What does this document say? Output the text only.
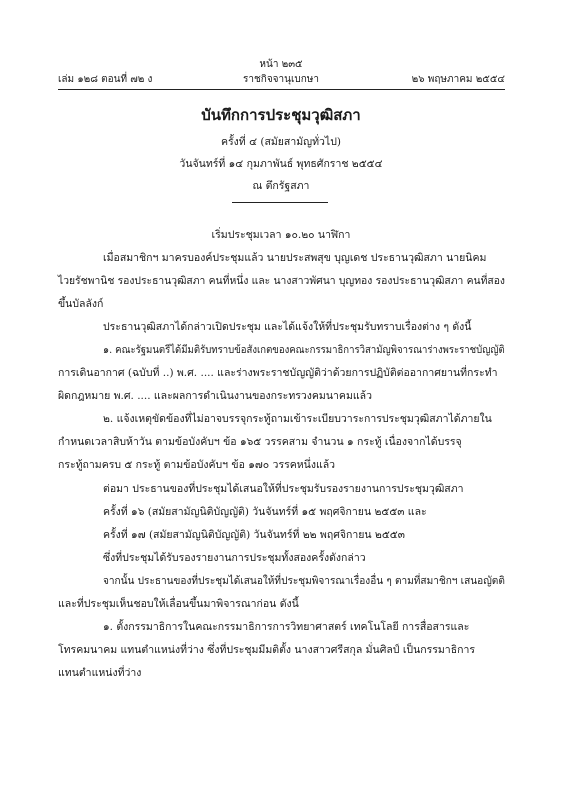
หน้า ๒๓๕
เล่ม ๑๒๘ ตอนที่ ๗๒ ง	ราชกิจจานุเบกษา	๒๖ พฤษภาคม ๒๕๕๔
บันทึกการประชุมวุฒิสภา
ครั้งที่ ๔ (สมัยสามัญทั่วไป)
วันจันทร์ที่ ๑๔ กุมภาพันธ์ พุทธศักราช ๒๕๕๔
ณ ตึกรัฐสภา
เริ่มประชุมเวลา ๑๐.๒๐ นาฬิกา
เมื่อสมาชิกฯ มาครบองค์ประชุมแล้ว นายประสพสุข บุญเดช ประธานวุฒิสภา นายนิคม
ไวยรัชพานิช รองประธานวุฒิสภา คนที่หนึ่ง และ นางสาวพัศนา บุญทอง รองประธานวุฒิสภา คนที่สอง
ขึ้นบัลลังก์
ประธานวุฒิสภาได้กล่าวเปิดประชุม และได้แจ้งให้ที่ประชุมรับทราบเรื่องต่าง ๆ ดังนี้
๑. คณะรัฐมนตรีได้มีมติรับทราบข้อสังเกตของคณะกรรมาธิการวิสามัญพิจารณาร่างพระราชบัญญัติ
การเดินอากาศ (ฉบับที่ ..) พ.ศ. .... และร่างพระราชบัญญัติว่าด้วยการปฏิบัติต่ออากาศยานที่กระทำ
ผิดกฎหมาย พ.ศ. .... และผลการดำเนินงานของกระทรวงคมนาคมแล้ว
๒. แจ้งเหตุขัดข้องที่ไม่อาจบรรจุกระทู้ถามเข้าระเบียบวาระการประชุมวุฒิสภาได้ภายใน
กำหนดเวลาสิบห้าวัน ตามข้อบังคับฯ ข้อ ๑๖๕ วรรคสาม จำนวน ๑ กระทู้ เนื่องจากได้บรรจุ
กระทู้ถามครบ ๕ กระทู้ ตามข้อบังคับฯ ข้อ ๑๗๐ วรรคหนึ่งแล้ว
ต่อมา ประธานของที่ประชุมได้เสนอให้ที่ประชุมรับรองรายงานการประชุมวุฒิสภา
ครั้งที่ ๑๖ (สมัยสามัญนิติบัญญัติ) วันจันทร์ที่ ๑๕ พฤศจิกายน ๒๕๕๓ และ
ครั้งที่ ๑๗ (สมัยสามัญนิติบัญญัติ) วันจันทร์ที่ ๒๒ พฤศจิกายน ๒๕๕๓
ซึ่งที่ประชุมได้รับรองรายงานการประชุมทั้งสองครั้งดังกล่าว
จากนั้น ประธานของที่ประชุมได้เสนอให้ที่ประชุมพิจารณาเรื่องอื่น ๆ ตามที่สมาชิกฯ เสนอญัตติ
และที่ประชุมเห็นชอบให้เลื่อนขึ้นมาพิจารณาก่อน ดังนี้
๑. ตั้งกรรมาธิการในคณะกรรมาธิการการวิทยาศาสตร์ เทคโนโลยี การสื่อสารและ
โทรคมนาคม แทนตำแหน่งที่ว่าง ซึ่งที่ประชุมมีมติตั้ง นางสาวศรีสกุล มั่นศิลป์ เป็นกรรมาธิการ
แทนตำแหน่งที่ว่าง
